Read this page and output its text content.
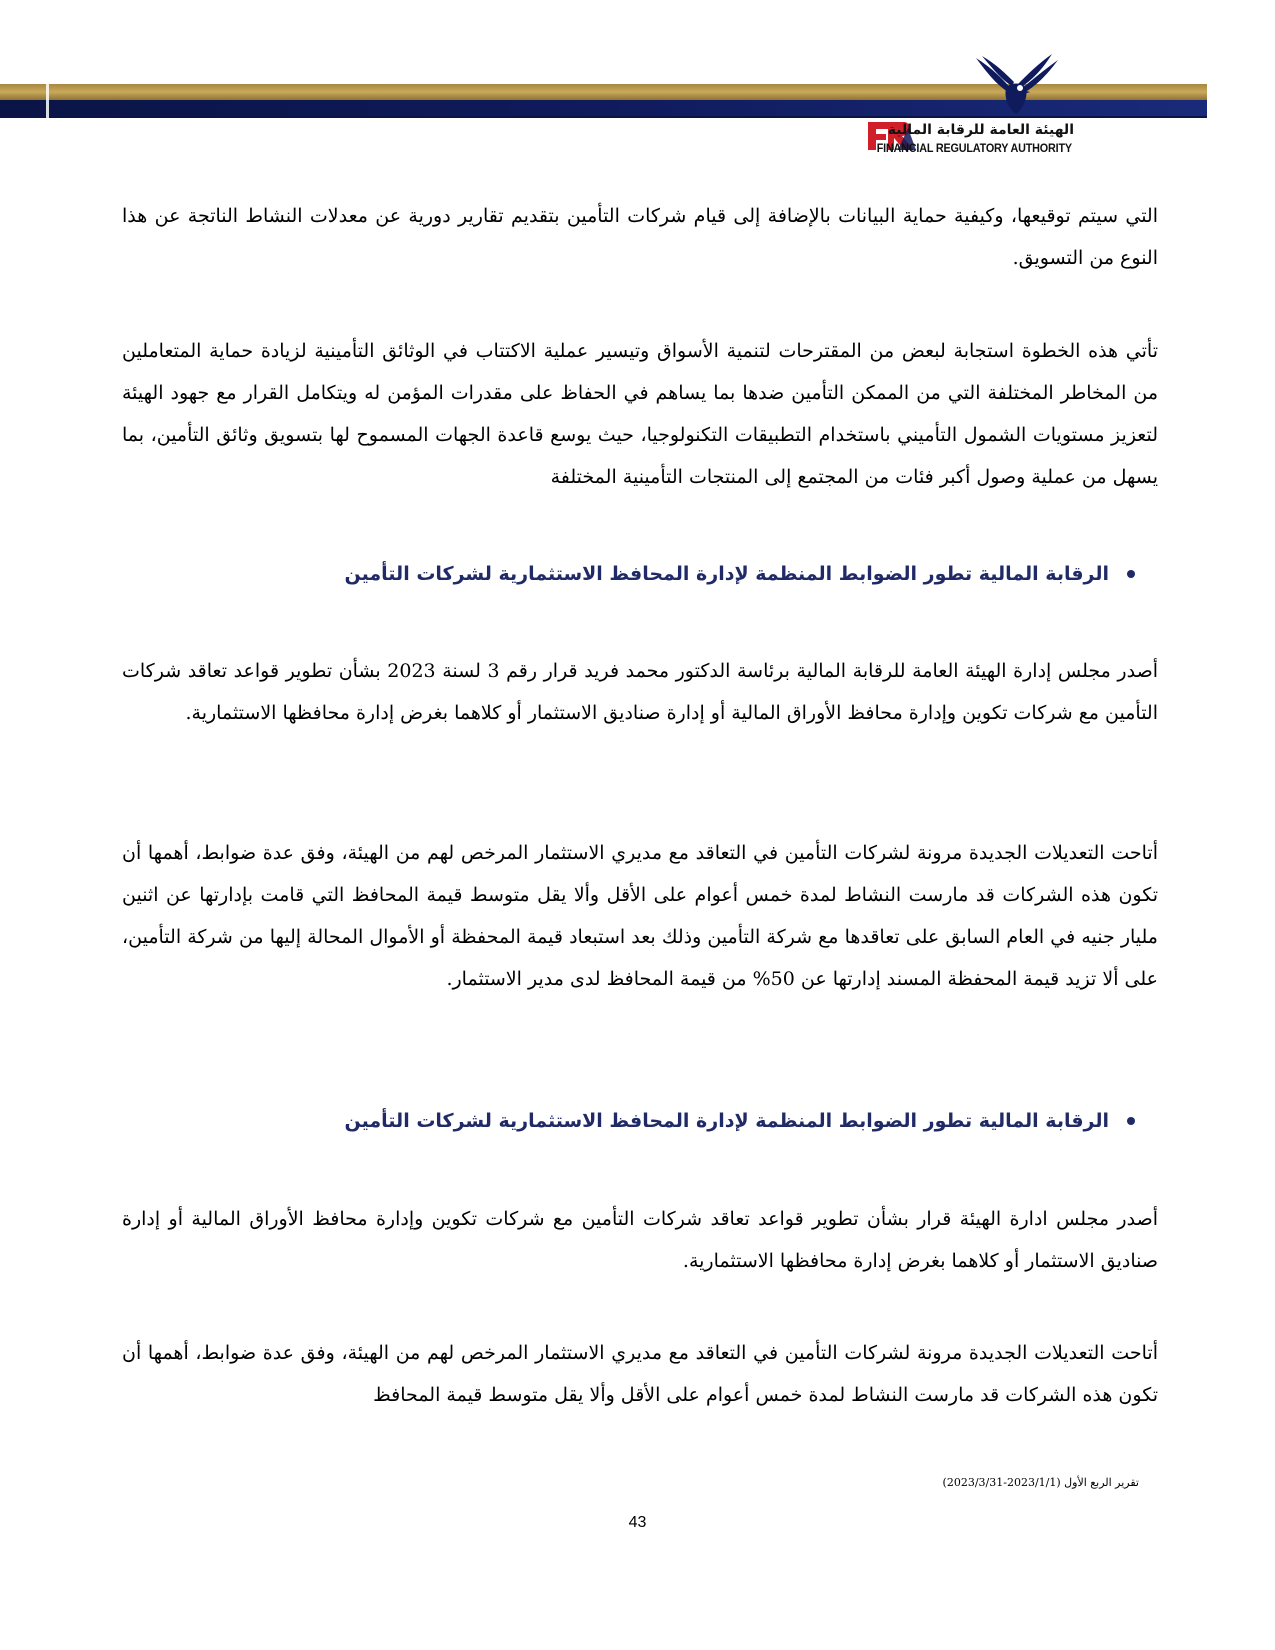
الهيئة العامة للرقابة المالية
FINANCIAL REGULATORY AUTHORITY

التي سيتم توقيعها، وكيفية حماية البيانات بالإضافة إلى قيام شركات التأمين بتقديم تقارير دورية عن معدلات النشاط الناتجة عن هذا النوع من التسويق.

تأتي هذه الخطوة استجابة لبعض من المقترحات لتنمية الأسواق وتيسير عملية الاكتتاب في الوثائق التأمينية لزيادة حماية المتعاملين من المخاطر المختلفة التي من الممكن التأمين ضدها بما يساهم في الحفاظ على مقدرات المؤمن له ويتكامل القرار مع جهود الهيئة لتعزيز مستويات الشمول التأميني باستخدام التطبيقات التكنولوجيا، حيث يوسع قاعدة الجهات المسموح لها بتسويق وثائق التأمين، بما يسهل من عملية وصول أكبر فئات من المجتمع إلى المنتجات التأمينية المختلفة

الرقابة المالية تطور الضوابط المنظمة لإدارة المحافظ الاستثمارية لشركات التأمين

أصدر مجلس إدارة الهيئة العامة للرقابة المالية برئاسة الدكتور محمد فريد قرار رقم 3 لسنة 2023 بشأن تطوير قواعد تعاقد شركات التأمين مع شركات تكوين وإدارة محافظ الأوراق المالية أو إدارة صناديق الاستثمار أو كلاهما بغرض إدارة محافظها الاستثمارية.

أتاحت التعديلات الجديدة مرونة لشركات التأمين في التعاقد مع مديري الاستثمار المرخص لهم من الهيئة، وفق عدة ضوابط، أهمها أن تكون هذه الشركات قد مارست النشاط لمدة خمس أعوام على الأقل وألا يقل متوسط قيمة المحافظ التي قامت بإدارتها عن اثنين مليار جنيه في العام السابق على تعاقدها مع شركة التأمين وذلك بعد استبعاد قيمة المحفظة أو الأموال المحالة إليها من شركة التأمين، على ألا تزيد قيمة المحفظة المسند إدارتها عن 50% من قيمة المحافظ لدى مدير الاستثمار.

الرقابة المالية تطور الضوابط المنظمة لإدارة المحافظ الاستثمارية لشركات التأمين

أصدر مجلس ادارة الهيئة قرار بشأن تطوير قواعد تعاقد شركات التأمين مع شركات تكوين وإدارة محافظ الأوراق المالية أو إدارة صناديق الاستثمار أو كلاهما بغرض إدارة محافظها الاستثمارية.

أتاحت التعديلات الجديدة مرونة لشركات التأمين في التعاقد مع مديري الاستثمار المرخص لهم من الهيئة، وفق عدة ضوابط، أهمها أن تكون هذه الشركات قد مارست النشاط لمدة خمس أعوام على الأقل وألا يقل متوسط قيمة المحافظ

تقرير الربع الأول (2023/1/1-2023/3/31)
43
